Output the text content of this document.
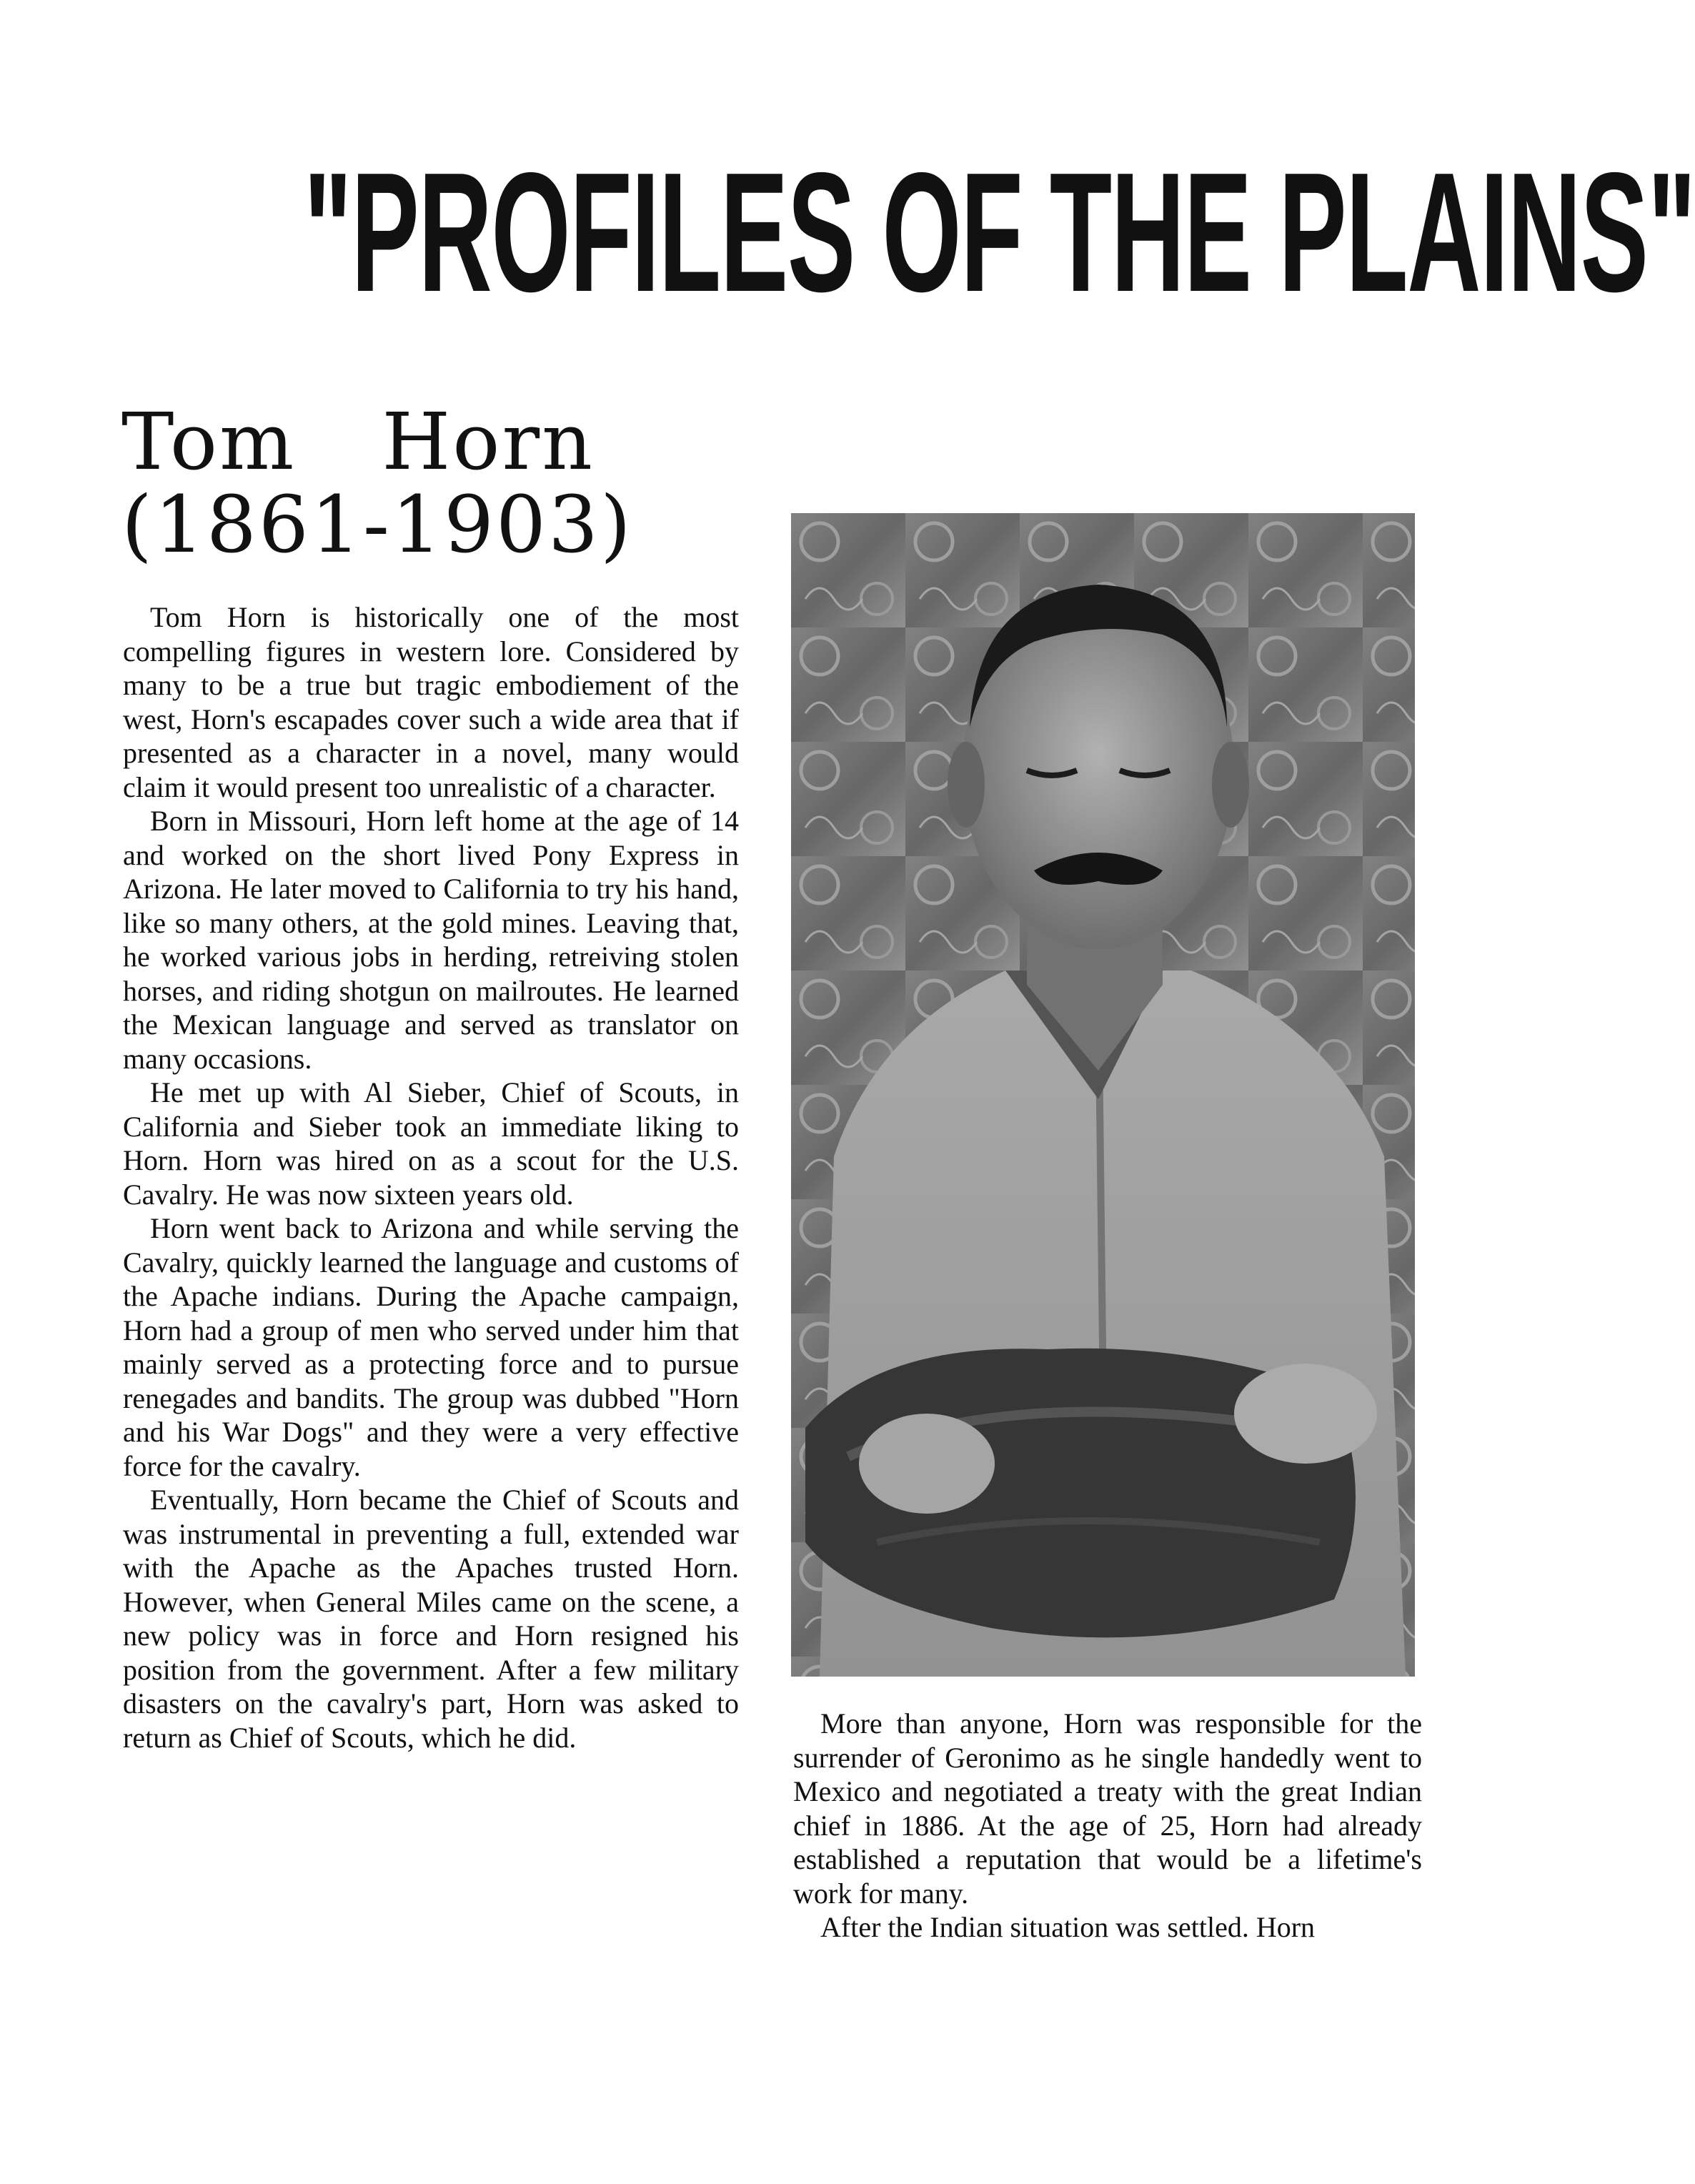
"PROFILES OF THE PLAINS"
Tom Horn
(1861-1903)

Tom Horn is historically one of the most compelling figures in western lore. Considered by many to be a true but tragic embodiement of the west, Horn's escapades cover such a wide area that if presented as a character in a novel, many would claim it would present too unrealistic of a character.

Born in Missouri, Horn left home at the age of 14 and worked on the short lived Pony Express in Arizona. He later moved to California to try his hand, like so many others, at the gold mines. Leaving that, he worked various jobs in herding, retreiving stolen horses, and riding shotgun on mailroutes. He learned the Mexican language and served as translator on many occasions.

He met up with Al Sieber, Chief of Scouts, in California and Sieber took an immediate liking to Horn. Horn was hired on as a scout for the U.S. Cavalry. He was now sixteen years old.

Horn went back to Arizona and while serving the Cavalry, quickly learned the language and customs of the Apache indians. During the Apache campaign, Horn had a group of men who served under him that mainly served as a protecting force and to pursue renegades and bandits. The group was dubbed "Horn and his War Dogs" and they were a very effective force for the cavalry.

Eventually, Horn became the Chief of Scouts and was instrumental in preventing a full, extended war with the Apache as the Apaches trusted Horn. However, when General Miles came on the scene, a new policy was in force and Horn resigned his position from the government. After a few military disasters on the cavalry's part, Horn was asked to return as Chief of Scouts, which he did.	More than anyone, Horn was responsible for the surrender of Geronimo as he single handedly went to Mexico and negotiated a treaty with the great Indian chief in 1886. At the age of 25, Horn had already established a reputation that would be a lifetime's work for many.

After the Indian situation was settled. Horn
